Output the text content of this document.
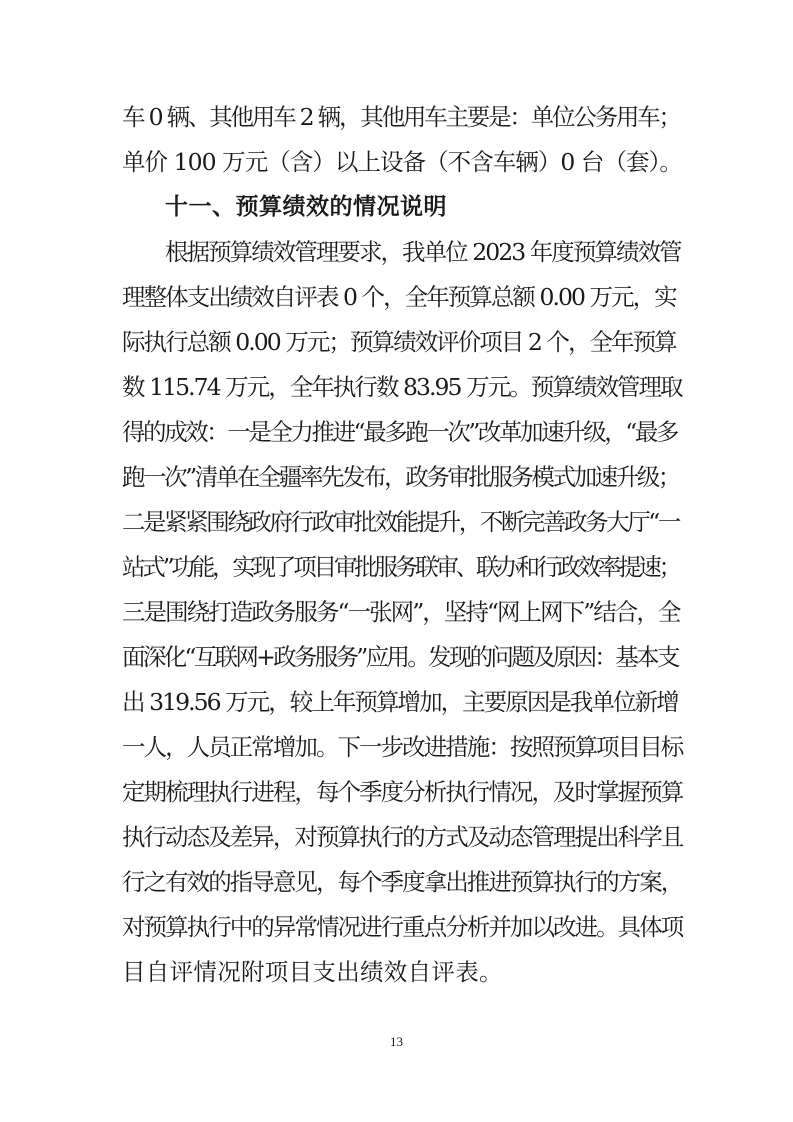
车 0 辆、其他用车 2 辆，其他用车主要是：单位公务用车；
单价 100 万元（含）以上设备（不含车辆）0 台（套）。
十一、预算绩效的情况说明
根据预算绩效管理要求，我单位 2023 年度预算绩效管
理整体支出绩效自评表 0 个，全年预算总额 0.00 万元，实
际执行总额 0.00 万元；预算绩效评价项目 2 个，全年预算
数 115.74 万元，全年执行数 83.95 万元。预算绩效管理取
得的成效：一是全力推进“最多跑一次”改革加速升级，“最多
跑一次”清单在全疆率先发布，政务审批服务模式加速升级；
二是紧紧围绕政府行政审批效能提升，不断完善政务大厅“一
站式”功能，实现了项目审批服务联审、联办和行政效率提速；
三是围绕打造政务服务“一张网”，坚持“网上网下”结合，全
面深化“互联网+政务服务”应用。发现的问题及原因：基本支
出 319.56 万元，较上年预算增加，主要原因是我单位新增
一人，人员正常增加。下一步改进措施：按照预算项目目标
定期梳理执行进程，每个季度分析执行情况，及时掌握预算
执行动态及差异，对预算执行的方式及动态管理提出科学且
行之有效的指导意见，每个季度拿出推进预算执行的方案，
对预算执行中的异常情况进行重点分析并加以改进。具体项
目自评情况附项目支出绩效自评表。
13
